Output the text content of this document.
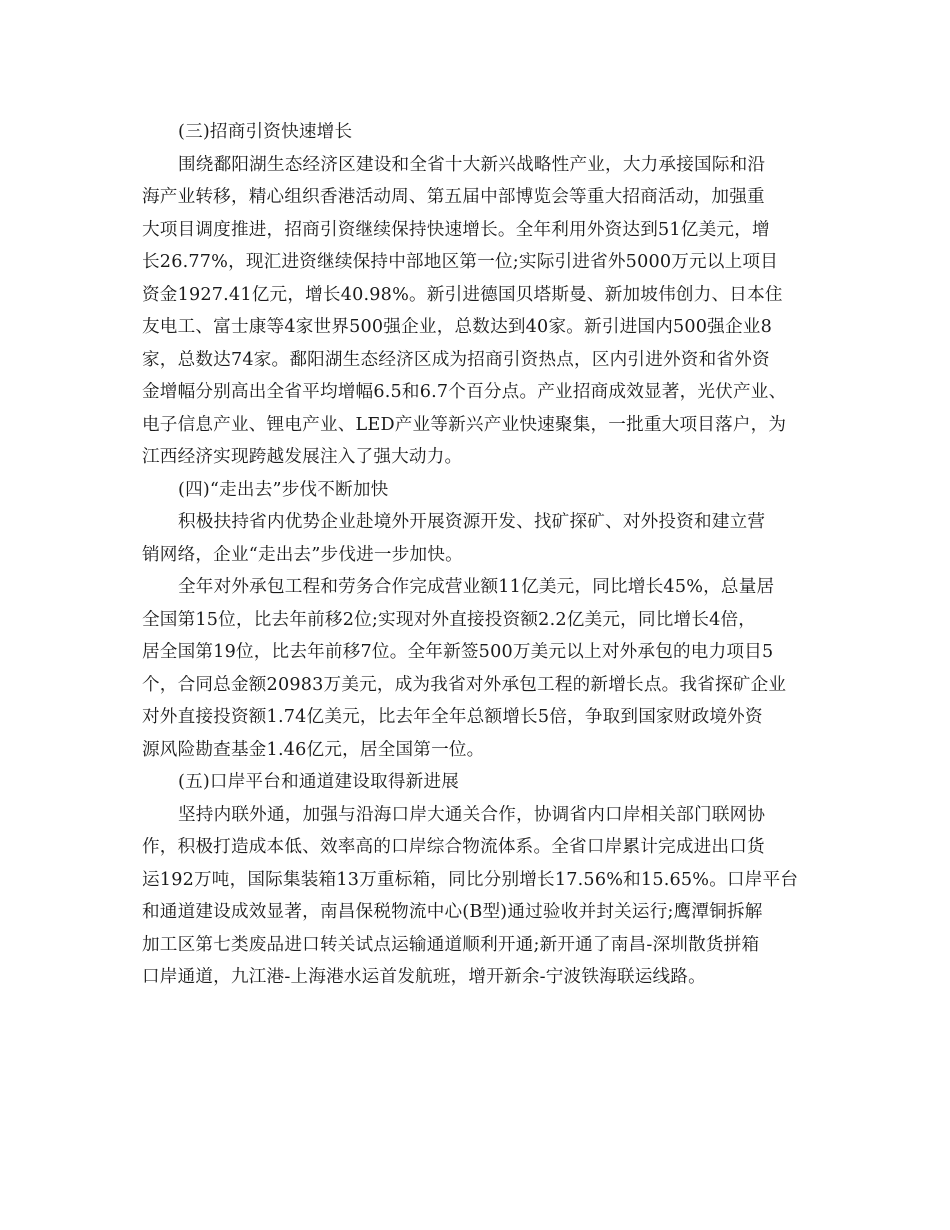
(三)招商引资快速增长
围绕鄱阳湖生态经济区建设和全省十大新兴战略性产业，大力承接国际和沿
海产业转移，精心组织香港活动周、第五届中部博览会等重大招商活动，加强重
大项目调度推进，招商引资继续保持快速增长。全年利用外资达到51亿美元，增
长26.77%，现汇进资继续保持中部地区第一位;实际引进省外5000万元以上项目
资金1927.41亿元，增长40.98%。新引进德国贝塔斯曼、新加坡伟创力、日本住
友电工、富士康等4家世界500强企业，总数达到40家。新引进国内500强企业8
家，总数达74家。鄱阳湖生态经济区成为招商引资热点，区内引进外资和省外资
金增幅分别高出全省平均增幅6.5和6.7个百分点。产业招商成效显著，光伏产业、
电子信息产业、锂电产业、LED产业等新兴产业快速聚集，一批重大项目落户，为
江西经济实现跨越发展注入了强大动力。
(四)“走出去”步伐不断加快
积极扶持省内优势企业赴境外开展资源开发、找矿探矿、对外投资和建立营
销网络，企业“走出去”步伐进一步加快。
全年对外承包工程和劳务合作完成营业额11亿美元，同比增长45%，总量居
全国第15位，比去年前移2位;实现对外直接投资额2.2亿美元，同比增长4倍，
居全国第19位，比去年前移7位。全年新签500万美元以上对外承包的电力项目5
个，合同总金额20983万美元，成为我省对外承包工程的新增长点。我省探矿企业
对外直接投资额1.74亿美元，比去年全年总额增长5倍，争取到国家财政境外资
源风险勘查基金1.46亿元，居全国第一位。
(五)口岸平台和通道建设取得新进展
坚持内联外通，加强与沿海口岸大通关合作，协调省内口岸相关部门联网协
作，积极打造成本低、效率高的口岸综合物流体系。全省口岸累计完成进出口货
运192万吨，国际集装箱13万重标箱，同比分别增长17.56%和15.65%。口岸平台
和通道建设成效显著，南昌保税物流中心(B型)通过验收并封关运行;鹰潭铜拆解
加工区第七类废品进口转关试点运输通道顺利开通;新开通了南昌-深圳散货拼箱
口岸通道，九江港-上海港水运首发航班，增开新余-宁波铁海联运线路。
